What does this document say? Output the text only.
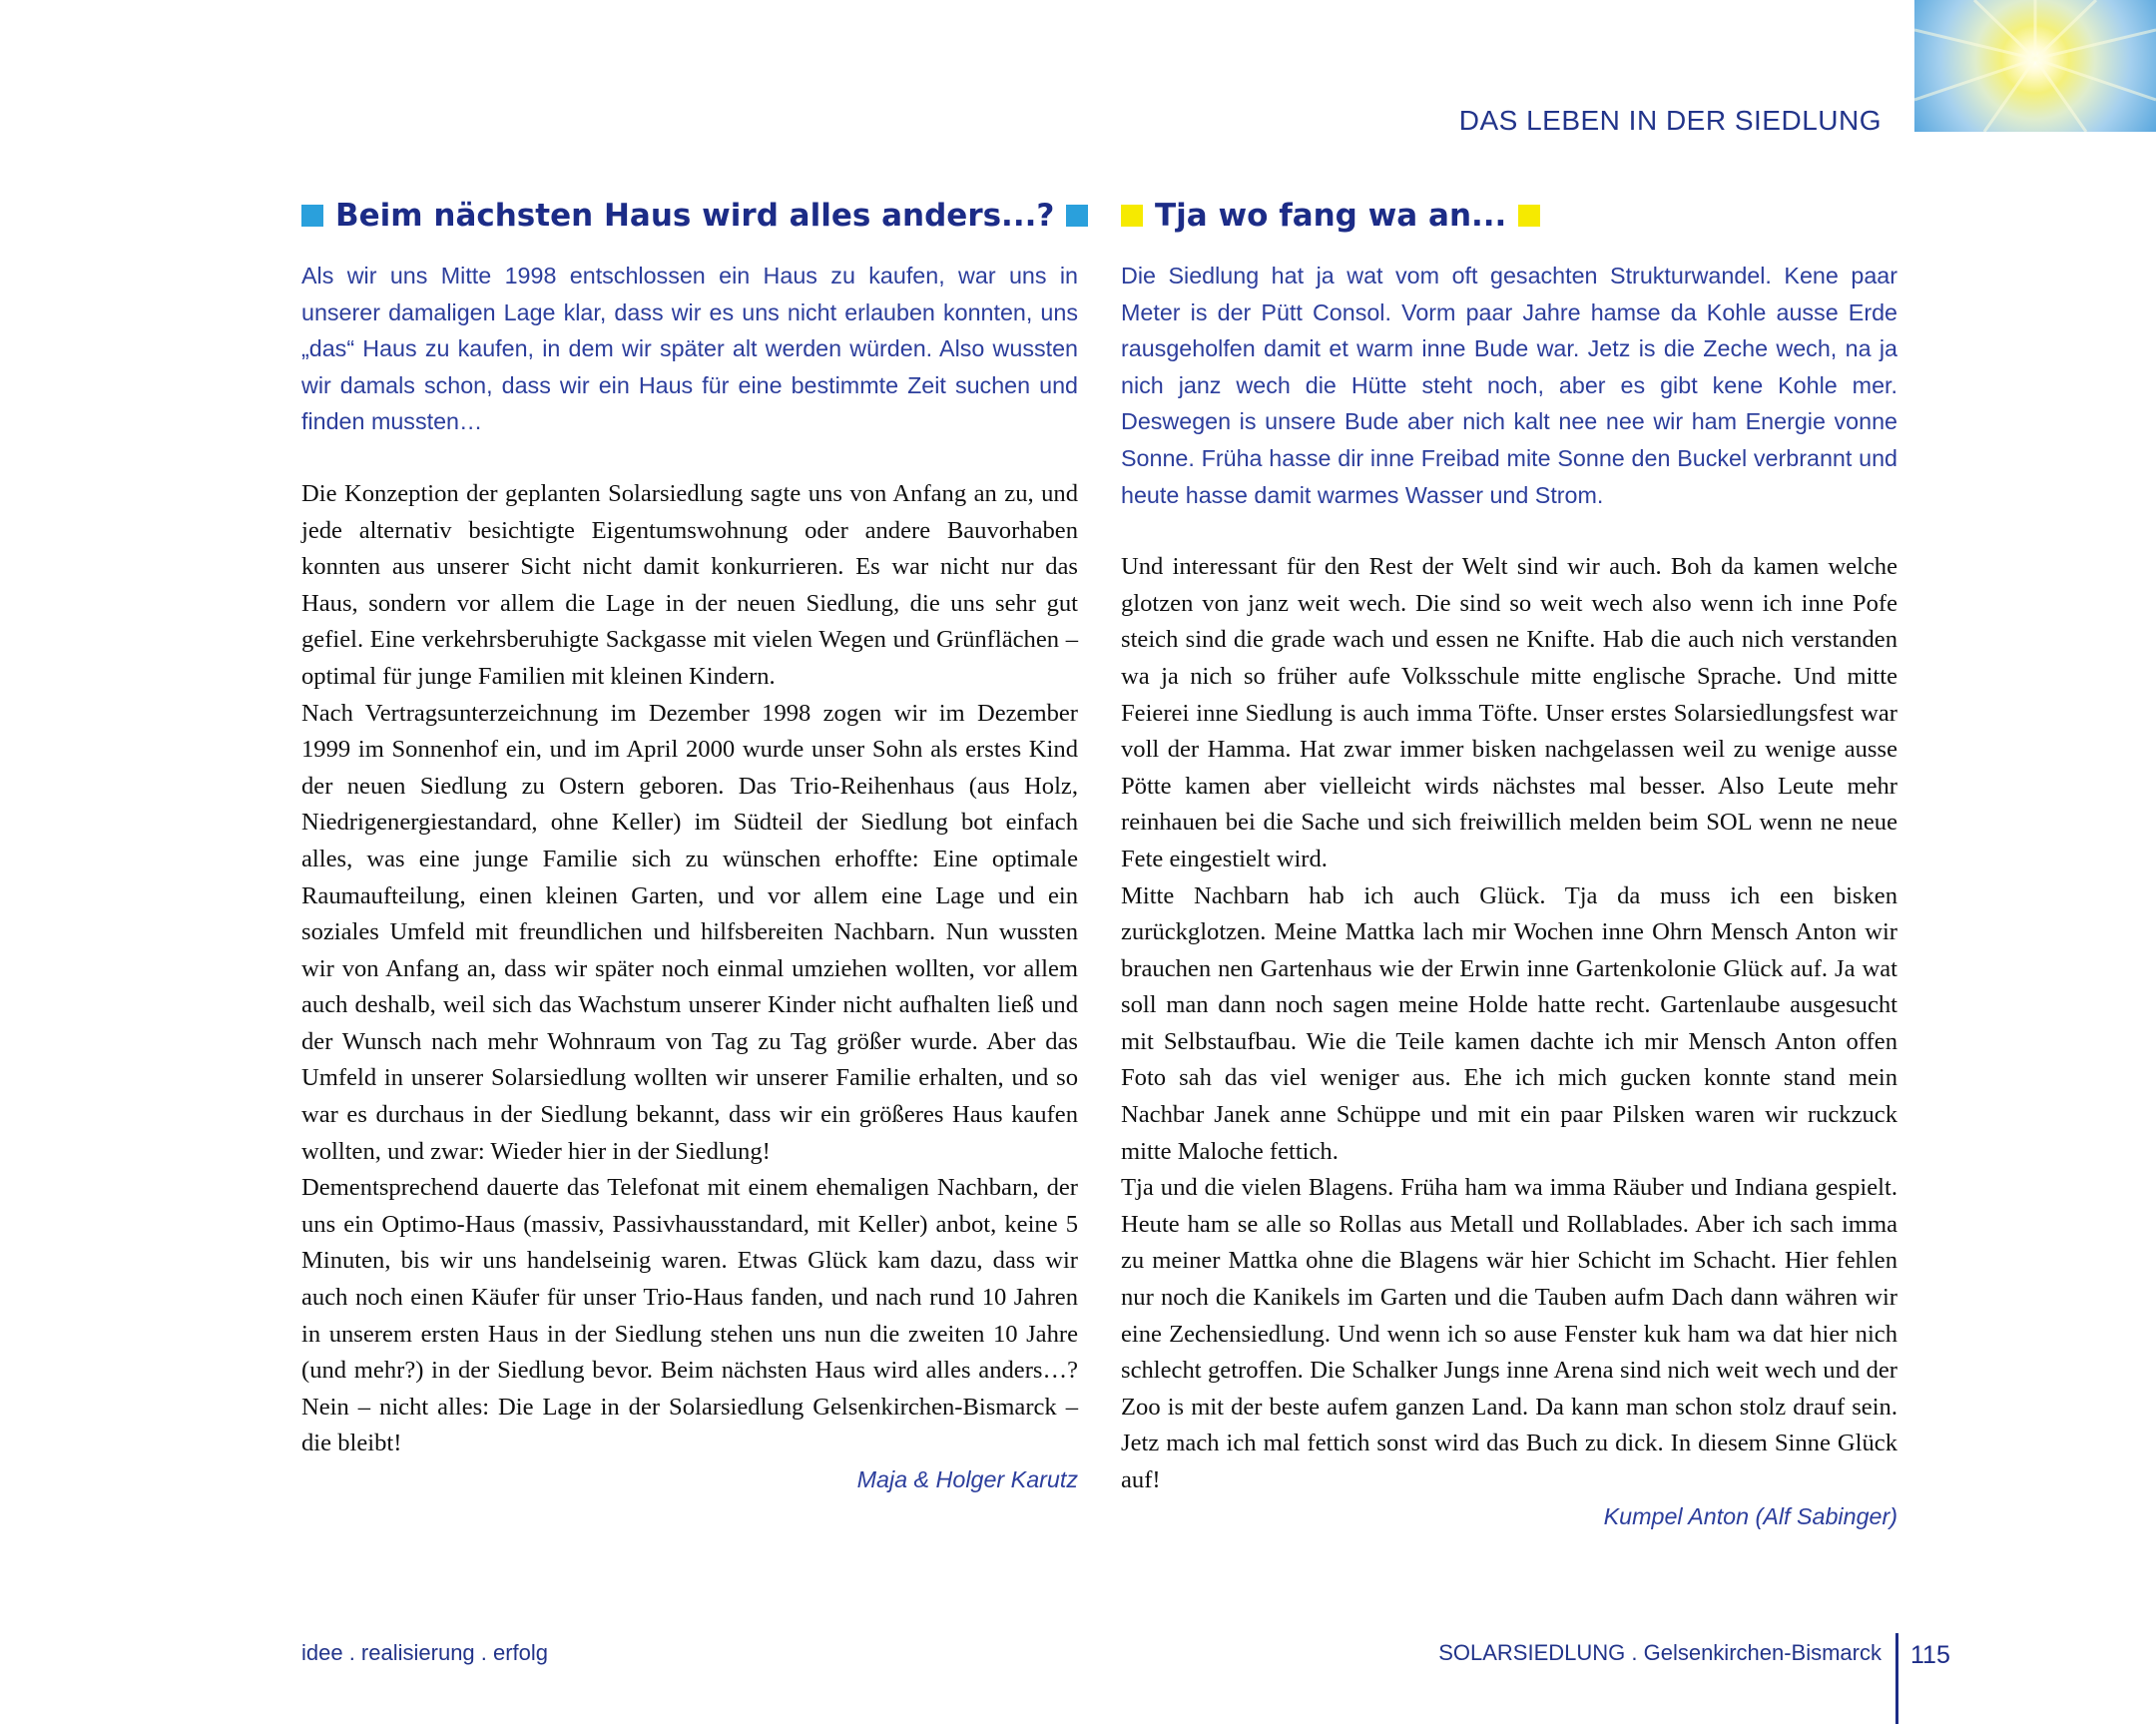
DAS LEBEN IN DER SIEDLUNG
Beim nächsten Haus wird alles anders...?

Als wir uns Mitte 1998 entschlossen ein Haus zu kaufen, war uns in unserer damaligen Lage klar, dass wir es uns nicht erlauben konnten, uns „das“ Haus zu kaufen, in dem wir später alt werden würden. Also wussten wir damals schon, dass wir ein Haus für eine bestimmte Zeit suchen und finden mussten…

Die Konzeption der geplanten Solarsiedlung sagte uns von Anfang an zu, und jede alternativ besichtigte Eigentumswohnung oder andere Bauvorhaben konnten aus unserer Sicht nicht damit konkurrieren. Es war nicht nur das Haus, sondern vor allem die Lage in der neuen Siedlung, die uns sehr gut gefiel. Eine verkehrsberuhigte Sackgasse mit vielen Wegen und Grünflächen – optimal für junge Familien mit kleinen Kindern.

Nach Vertragsunterzeichnung im Dezember 1998 zogen wir im Dezember 1999 im Sonnenhof ein, und im April 2000 wurde unser Sohn als erstes Kind der neuen Siedlung zu Ostern geboren. Das Trio-Reihenhaus (aus Holz, Niedrigenergiestandard, ohne Keller) im Südteil der Siedlung bot einfach alles, was eine junge Familie sich zu wünschen erhoffte: Eine optimale Raumaufteilung, einen kleinen Garten, und vor allem eine Lage und ein soziales Umfeld mit freundlichen und hilfsbereiten Nachbarn. Nun wussten wir von Anfang an, dass wir später noch einmal umziehen wollten, vor allem auch deshalb, weil sich das Wachstum unserer Kinder nicht aufhalten ließ und der Wunsch nach mehr Wohnraum von Tag zu Tag größer wurde. Aber das Umfeld in unserer Solarsiedlung wollten wir unserer Familie erhalten, und so war es durchaus in der Siedlung bekannt, dass wir ein größeres Haus kaufen wollten, und zwar: Wieder hier in der Siedlung!

Dementsprechend dauerte das Telefonat mit einem ehemaligen Nachbarn, der uns ein Optimo-Haus (massiv, Passivhausstandard, mit Keller) anbot, keine 5 Minuten, bis wir uns handelseinig waren. Etwas Glück kam dazu, dass wir auch noch einen Käufer für unser Trio-Haus fanden, und nach rund 10 Jahren in unserem ersten Haus in der Siedlung stehen uns nun die zweiten 10 Jahre (und mehr?) in der Siedlung bevor. Beim nächsten Haus wird alles anders…? Nein – nicht alles: Die Lage in der Solarsiedlung Gelsenkirchen-Bismarck – die bleibt!

Maja & Holger Karutz
Tja wo fang wa an...

Die Siedlung hat ja wat vom oft gesachten Strukturwandel. Kene paar Meter is der Pütt Consol. Vorm paar Jahre hamse da Kohle ausse Erde rausgeholfen damit et warm inne Bude war. Jetz is die Zeche wech, na ja nich janz wech die Hütte steht noch, aber es gibt kene Kohle mer. Deswegen is unsere Bude aber nich kalt nee nee wir ham Energie vonne Sonne. Früha hasse dir inne Freibad mite Sonne den Buckel verbrannt und heute hasse damit warmes Wasser und Strom.

Und interessant für den Rest der Welt sind wir auch. Boh da kamen welche glotzen von janz weit wech. Die sind so weit wech also wenn ich inne Pofe steich sind die grade wach und essen ne Knifte. Hab die auch nich verstanden wa ja nich so früher aufe Volksschule mitte englische Sprache. Und mitte Feierei inne Siedlung is auch imma Töfte. Unser erstes Solarsiedlungsfest war voll der Hamma. Hat zwar immer bisken nachgelassen weil zu wenige ausse Pötte kamen aber vielleicht wirds nächstes mal besser. Also Leute mehr reinhauen bei die Sache und sich freiwillich melden beim SOL wenn ne neue Fete eingestielt wird.

Mitte Nachbarn hab ich auch Glück. Tja da muss ich een bisken zurückglotzen. Meine Mattka lach mir Wochen inne Ohrn Mensch Anton wir brauchen nen Gartenhaus wie der Erwin inne Gartenkolonie Glück auf. Ja wat soll man dann noch sagen meine Holde hatte recht. Gartenlaube ausgesucht mit Selbstaufbau. Wie die Teile kamen dachte ich mir Mensch Anton offen Foto sah das viel weniger aus. Ehe ich mich gucken konnte stand mein Nachbar Janek anne Schüppe und mit ein paar Pilsken waren wir ruckzuck mitte Maloche fettich.

Tja und die vielen Blagens. Früha ham wa imma Räuber und Indiana gespielt. Heute ham se alle so Rollas aus Metall und Rollablades. Aber ich sach imma zu meiner Mattka ohne die Blagens wär hier Schicht im Schacht. Hier fehlen nur noch die Kanikels im Garten und die Tauben aufm Dach dann währen wir eine Zechensiedlung. Und wenn ich so ause Fenster kuk ham wa dat hier nich schlecht getroffen. Die Schalker Jungs inne Arena sind nich weit wech und der Zoo is mit der beste aufem ganzen Land. Da kann man schon stolz drauf sein. Jetz mach ich mal fettich sonst wird das Buch zu dick. In diesem Sinne Glück auf!

Kumpel Anton (Alf Sabinger)
idee . realisierung . erfolg	SOLARSIEDLUNG . Gelsenkirchen-Bismarck 115
